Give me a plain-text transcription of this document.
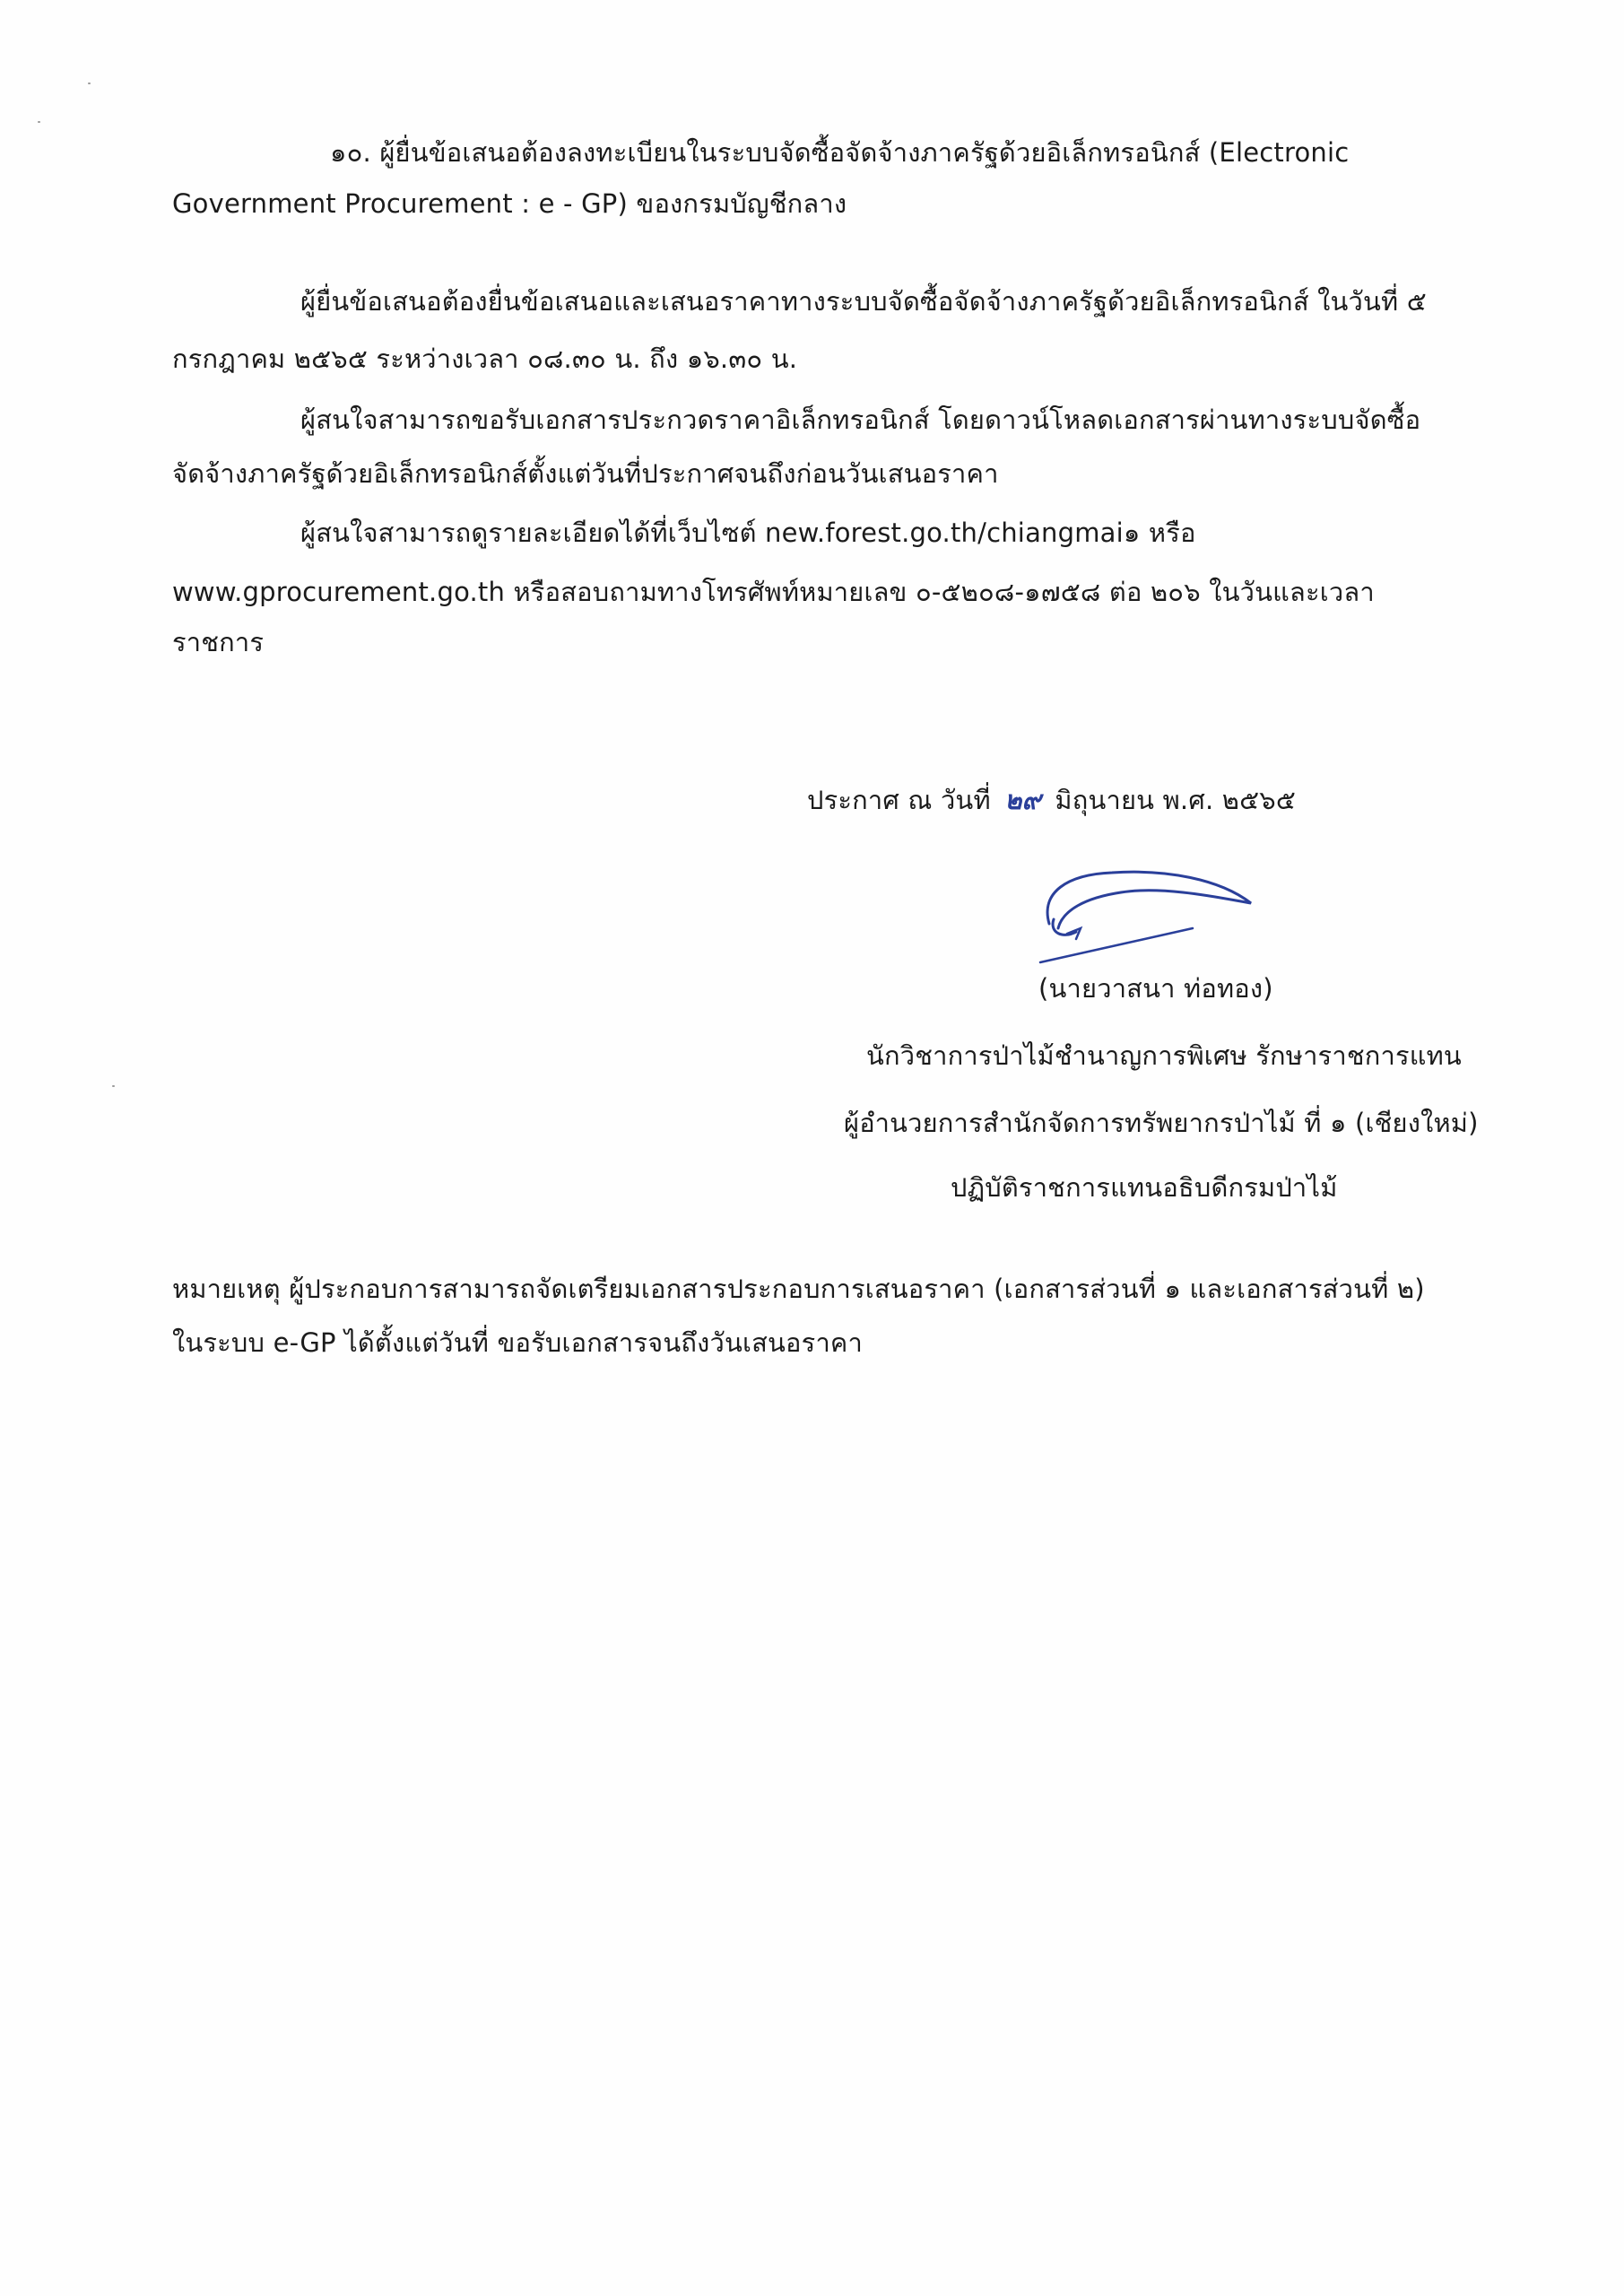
๑๐. ผู้ยื่นข้อเสนอต้องลงทะเบียนในระบบจัดซื้อจัดจ้างภาครัฐด้วยอิเล็กทรอนิกส์ (Electronic
Government Procurement : e - GP) ของกรมบัญชีกลาง
ผู้ยื่นข้อเสนอต้องยื่นข้อเสนอและเสนอราคาทางระบบจัดซื้อจัดจ้างภาครัฐด้วยอิเล็กทรอนิกส์ ในวันที่ ๕
กรกฎาคม ๒๕๖๕ ระหว่างเวลา ๐๘.๓๐ น. ถึง ๑๖.๓๐ น.
ผู้สนใจสามารถขอรับเอกสารประกวดราคาอิเล็กทรอนิกส์ โดยดาวน์โหลดเอกสารผ่านทางระบบจัดซื้อ
จัดจ้างภาครัฐด้วยอิเล็กทรอนิกส์ตั้งแต่วันที่ประกาศจนถึงก่อนวันเสนอราคา
ผู้สนใจสามารถดูรายละเอียดได้ที่เว็บไซต์ new.forest.go.th/chiangmai๑ หรือ
www.gprocurement.go.th หรือสอบถามทางโทรศัพท์หมายเลข ๐-๕๒๐๘-๑๗๕๘ ต่อ ๒๐๖ ในวันและเวลา
ราชการ
ประกาศ ณ วันที่ ๒๙ มิถุนายน พ.ศ. ๒๕๖๕
(นายวาสนา ท่อทอง)
นักวิชาการป่าไม้ชำนาญการพิเศษ รักษาราชการแทน
ผู้อำนวยการสำนักจัดการทรัพยากรป่าไม้ ที่ ๑ (เชียงใหม่)
ปฏิบัติราชการแทนอธิบดีกรมป่าไม้
หมายเหตุ ผู้ประกอบการสามารถจัดเตรียมเอกสารประกอบการเสนอราคา (เอกสารส่วนที่ ๑ และเอกสารส่วนที่ ๒)
ในระบบ e-GP ได้ตั้งแต่วันที่ ขอรับเอกสารจนถึงวันเสนอราคา
